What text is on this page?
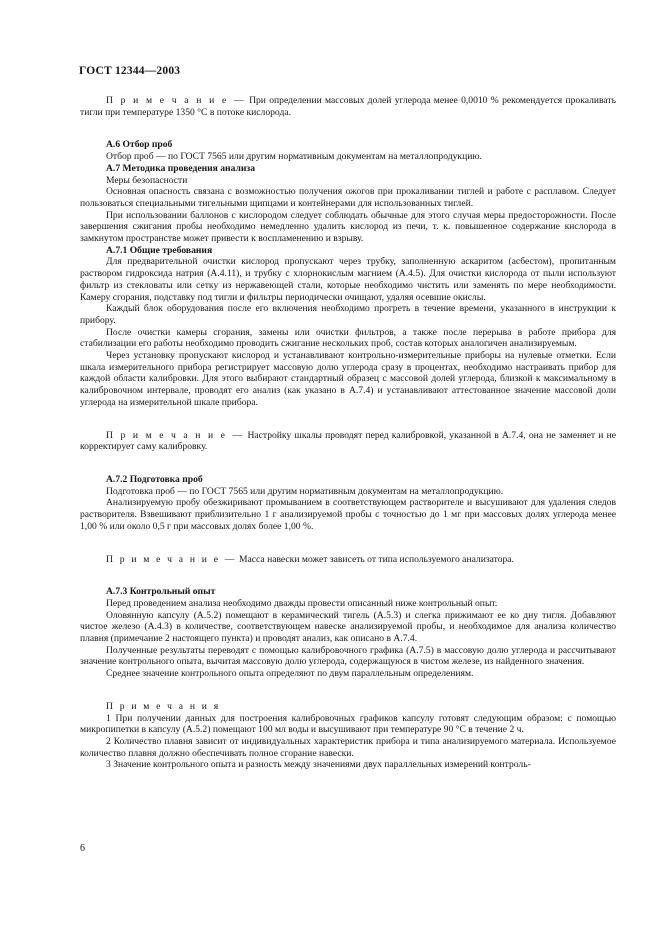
ГОСТ 12344—2003

П р и м е ч а н и е — При определении массовых долей углерода менее 0,0010 % рекомендуется прокаливать тигли при температуре 1350 °С в потоке кислорода.

А.6 Отбор проб

Отбор проб — по ГОСТ 7565 или другим нормативным документам на металлопродукцию.

А.7 Методика проведения анализа

Меры безопасности

Основная опасность связана с возможностью получения ожогов при прокаливании тиглей и работе с расплавом. Следует пользоваться специальными тигельными щипцами и контейнерами для использованных тиглей.

При использовании баллонов с кислородом следует соблюдать обычные для этого случая меры предосторожности. После завершения сжигания пробы необходимо немедленно удалить кислород из печи, т. к. повышенное содержание кислорода в замкнутом пространстве может привести к воспламенению и взрыву.

А.7.1 Общие требования

Для предварительной очистки кислород пропускают через трубку, заполненную аскаритом (асбестом), пропитанным раствором гидроксида натрия (А.4.11), и трубку с хлорнокислым магнием (А.4.5). Для очистки кислорода от пыли используют фильтр из стекловаты или сетку из нержавеющей стали, которые необходимо чистить или заменять по мере необходимости. Камеру сгорания, подставку под тигли и фильтры периодически очищают, удаляя осевшие окислы.

Каждый блок оборудования после его включения необходимо прогреть в течение времени, указанного в инструкции к прибору.

После очистки камеры сгорания, замены или очистки фильтров, а также после перерыва в работе прибора для стабилизации его работы необходимо проводить сжигание нескольких проб, состав которых аналогичен анализируемым.

Через установку пропускают кислород и устанавливают контрольно-измерительные приборы на нулевые отметки. Если шкала измерительного прибора регистрирует массовую долю углерода сразу в процентах, необходимо настраивать прибор для каждой области калибровки. Для этого выбирают стандартный образец с массовой долей углерода, близкой к максимальному в калибровочном интервале, проводят его анализ (как указано в А.7.4) и устанавливают аттестованное значение массовой доли углерода на измерительной шкале прибора.

П р и м е ч а н и е — Настройку шкалы проводят перед калибровкой, указанной в А.7.4, она не заменяет и не корректирует саму калибровку.

А.7.2 Подготовка проб

Подготовка проб — по ГОСТ 7565 или другим нормативным документам на металлопродукцию.

Анализируемую пробу обезжиривают промыванием в соответствующем растворителе и высушивают для удаления следов растворителя. Взвешивают приблизительно 1 г анализируемой пробы с точностью до 1 мг при массовых долях углерода менее 1,00 % или около 0,5 г при массовых долях более 1,00 %.

П р и м е ч а н и е — Масса навески может зависеть от типа используемого анализатора.

А.7.3 Контрольный опыт

Перед проведением анализа необходимо дважды провести описанный ниже контрольный опыт.

Оловянную капсулу (А.5.2) помещают в керамический тигель (А.5.3) и слегка прижимают ее ко дну тигля. Добавляют чистое железо (А.4.3) в количестве, соответствующем навеске анализируемой пробы, и необходимое для анализа количество плавня (примечание 2 настоящего пункта) и проводят анализ, как описано в А.7.4.

Полученные результаты переводят с помощью калибровочного графика (А.7.5) в массовую долю углерода и рассчитывают значение контрольного опыта, вычитая массовую долю углерода, содержащуюся в чистом железе, из найденного значения.

Среднее значение контрольного опыта определяют по двум параллельным определениям.

П р и м е ч а н и я

1 При получении данных для построения калибровочных графиков капсулу готовят следующим образом: с помощью микропипетки в капсулу (А.5.2) помещают 100 мл воды и высушивают при температуре 90 °С в течение 2 ч.

2 Количество плавня зависит от индивидуальных характеристик прибора и типа анализируемого материала. Используемое количество плавня должно обеспечивать полное сгорание навески.

3 Значение контрольного опыта и разность между значениями двух параллельных измерений контроль-

6
